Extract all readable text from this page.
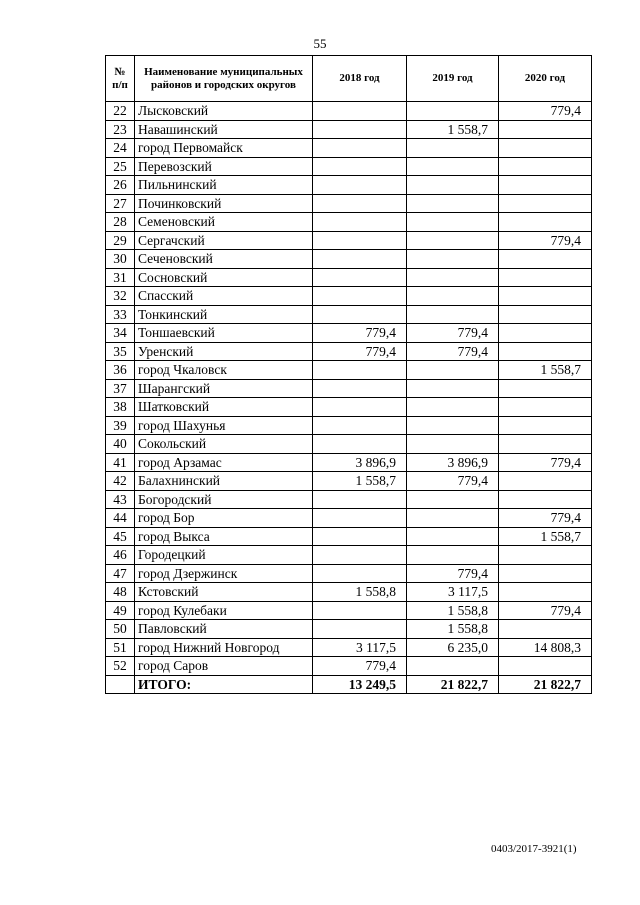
55
№ п/п	Наименование муниципальных районов и городских округов	2018 год	2019 год	2020 год
22	Лысковский			779,4
23	Навашинский		1 558,7	
24	город Первомайск			
25	Перевозский			
26	Пильнинский			
27	Починковский			
28	Семеновский			
29	Сергачский			779,4
30	Сеченовский			
31	Сосновский			
32	Спасский			
33	Тонкинский			
34	Тоншаевский	779,4	779,4	
35	Уренский	779,4	779,4	
36	город Чкаловск			1 558,7
37	Шарангский			
38	Шатковский			
39	город Шахунья			
40	Сокольский			
41	город Арзамас	3 896,9	3 896,9	779,4
42	Балахнинский	1 558,7	779,4	
43	Богородский			
44	город Бор			779,4
45	город Выкса			1 558,7
46	Городецкий			
47	город Дзержинск		779,4	
48	Кстовский	1 558,8	3 117,5	
49	город Кулебаки		1 558,8	779,4
50	Павловский		1 558,8	
51	город Нижний Новгород	3 117,5	6 235,0	14 808,3
52	город Саров	779,4		
	ИТОГО:	13 249,5	21 822,7	21 822,7
0403/2017-3921(1)
